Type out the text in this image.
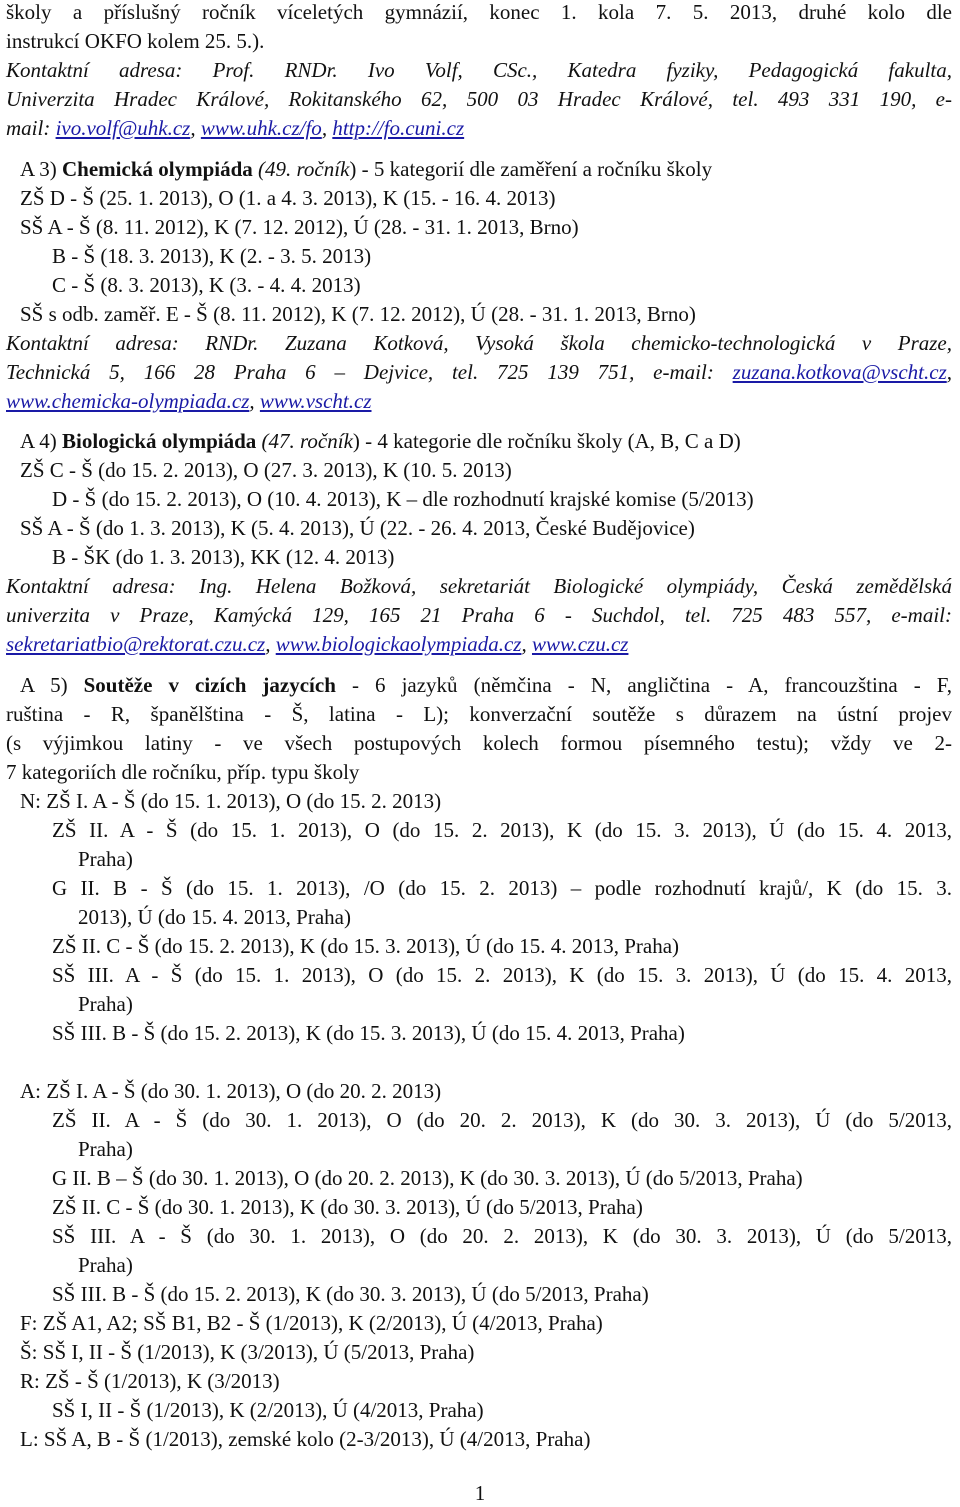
školy a příslušný ročník víceletých gymnázií, konec 1. kola 7. 5. 2013, druhé kolo dle
instrukcí OKFO kolem 25. 5.).
Kontaktní adresa: Prof. RNDr. Ivo Volf, CSc., Katedra fyziky, Pedagogická fakulta,
Univerzita Hradec Králové, Rokitanského 62, 500 03 Hradec Králové, tel. 493 331 190, e-
mail: ivo.volf@uhk.cz, www.uhk.cz/fo, http://fo.cuni.cz
A 3) Chemická olympiáda (49. ročník) - 5 kategorií dle zaměření a ročníku školy
ZŠ D - Š (25. 1. 2013), O (1. a 4. 3. 2013), K (15. - 16. 4. 2013)
SŠ A - Š (8. 11. 2012), K (7. 12. 2012), Ú (28. - 31. 1. 2013, Brno)
B - Š (18. 3. 2013), K (2. - 3. 5. 2013)
C - Š (8. 3. 2013), K (3. - 4. 4. 2013)
SŠ s odb. zaměř. E - Š (8. 11. 2012), K (7. 12. 2012), Ú (28. - 31. 1. 2013, Brno)
Kontaktní adresa: RNDr. Zuzana Kotková, Vysoká škola chemicko-technologická v Praze,
Technická 5, 166 28 Praha 6 – Dejvice, tel. 725 139 751, e-mail: zuzana.kotkova@vscht.cz,
www.chemicka-olympiada.cz, www.vscht.cz
A 4) Biologická olympiáda (47. ročník) - 4 kategorie dle ročníku školy (A, B, C a D)
ZŠ C - Š (do 15. 2. 2013), O (27. 3. 2013), K (10. 5. 2013)
D - Š (do 15. 2. 2013), O (10. 4. 2013), K – dle rozhodnutí krajské komise (5/2013)
SŠ A - Š (do 1. 3. 2013), K (5. 4. 2013), Ú (22. - 26. 4. 2013, České Budějovice)
B - ŠK (do 1. 3. 2013), KK (12. 4. 2013)
Kontaktní adresa: Ing. Helena Božková, sekretariát Biologické olympiády, Česká zemědělská
univerzita v Praze, Kamýcká 129, 165 21 Praha 6 - Suchdol, tel. 725 483 557, e-mail:
sekretariatbio@rektorat.czu.cz, www.biologickaolympiada.cz, www.czu.cz
A 5) Soutěže v cizích jazycích - 6 jazyků (němčina - N, angličtina - A, francouzština - F,
ruština - R, španělština - Š, latina - L); konverzační soutěže s důrazem na ústní projev
(s výjimkou latiny - ve všech postupových kolech formou písemného testu); vždy ve 2-
7 kategoriích dle ročníku, příp. typu školy
N: ZŠ I. A - Š (do 15. 1. 2013), O (do 15. 2. 2013)
ZŠ II. A - Š (do 15. 1. 2013), O (do 15. 2. 2013), K (do 15. 3. 2013), Ú (do 15. 4. 2013,
Praha)
G II. B - Š (do 15. 1. 2013), /O (do 15. 2. 2013) – podle rozhodnutí krajů/, K (do 15. 3.
2013), Ú (do 15. 4. 2013, Praha)
ZŠ II. C - Š (do 15. 2. 2013), K (do 15. 3. 2013), Ú (do 15. 4. 2013, Praha)
SŠ III. A - Š (do 15. 1. 2013), O (do 15. 2. 2013), K (do 15. 3. 2013), Ú (do 15. 4. 2013,
Praha)
SŠ III. B - Š (do 15. 2. 2013), K (do 15. 3. 2013), Ú (do 15. 4. 2013, Praha)
A: ZŠ I. A - Š (do 30. 1. 2013), O (do 20. 2. 2013)
ZŠ II. A - Š (do 30. 1. 2013), O (do 20. 2. 2013), K (do 30. 3. 2013), Ú (do 5/2013,
Praha)
G II. B – Š (do 30. 1. 2013), O (do 20. 2. 2013), K (do 30. 3. 2013), Ú (do 5/2013, Praha)
ZŠ II. C - Š (do 30. 1. 2013), K (do 30. 3. 2013), Ú (do 5/2013, Praha)
SŠ III. A - Š (do 30. 1. 2013), O (do 20. 2. 2013), K (do 30. 3. 2013), Ú (do 5/2013,
Praha)
SŠ III. B - Š (do 15. 2. 2013), K (do 30. 3. 2013), Ú (do 5/2013, Praha)
F: ZŠ A1, A2; SŠ B1, B2 - Š (1/2013), K (2/2013), Ú (4/2013, Praha)
Š: SŠ I, II - Š (1/2013), K (3/2013), Ú (5/2013, Praha)
R: ZŠ - Š (1/2013), K (3/2013)
SŠ I, II - Š (1/2013), K (2/2013), Ú (4/2013, Praha)
L: SŠ A, B - Š (1/2013), zemské kolo (2-3/2013), Ú (4/2013, Praha)
1
